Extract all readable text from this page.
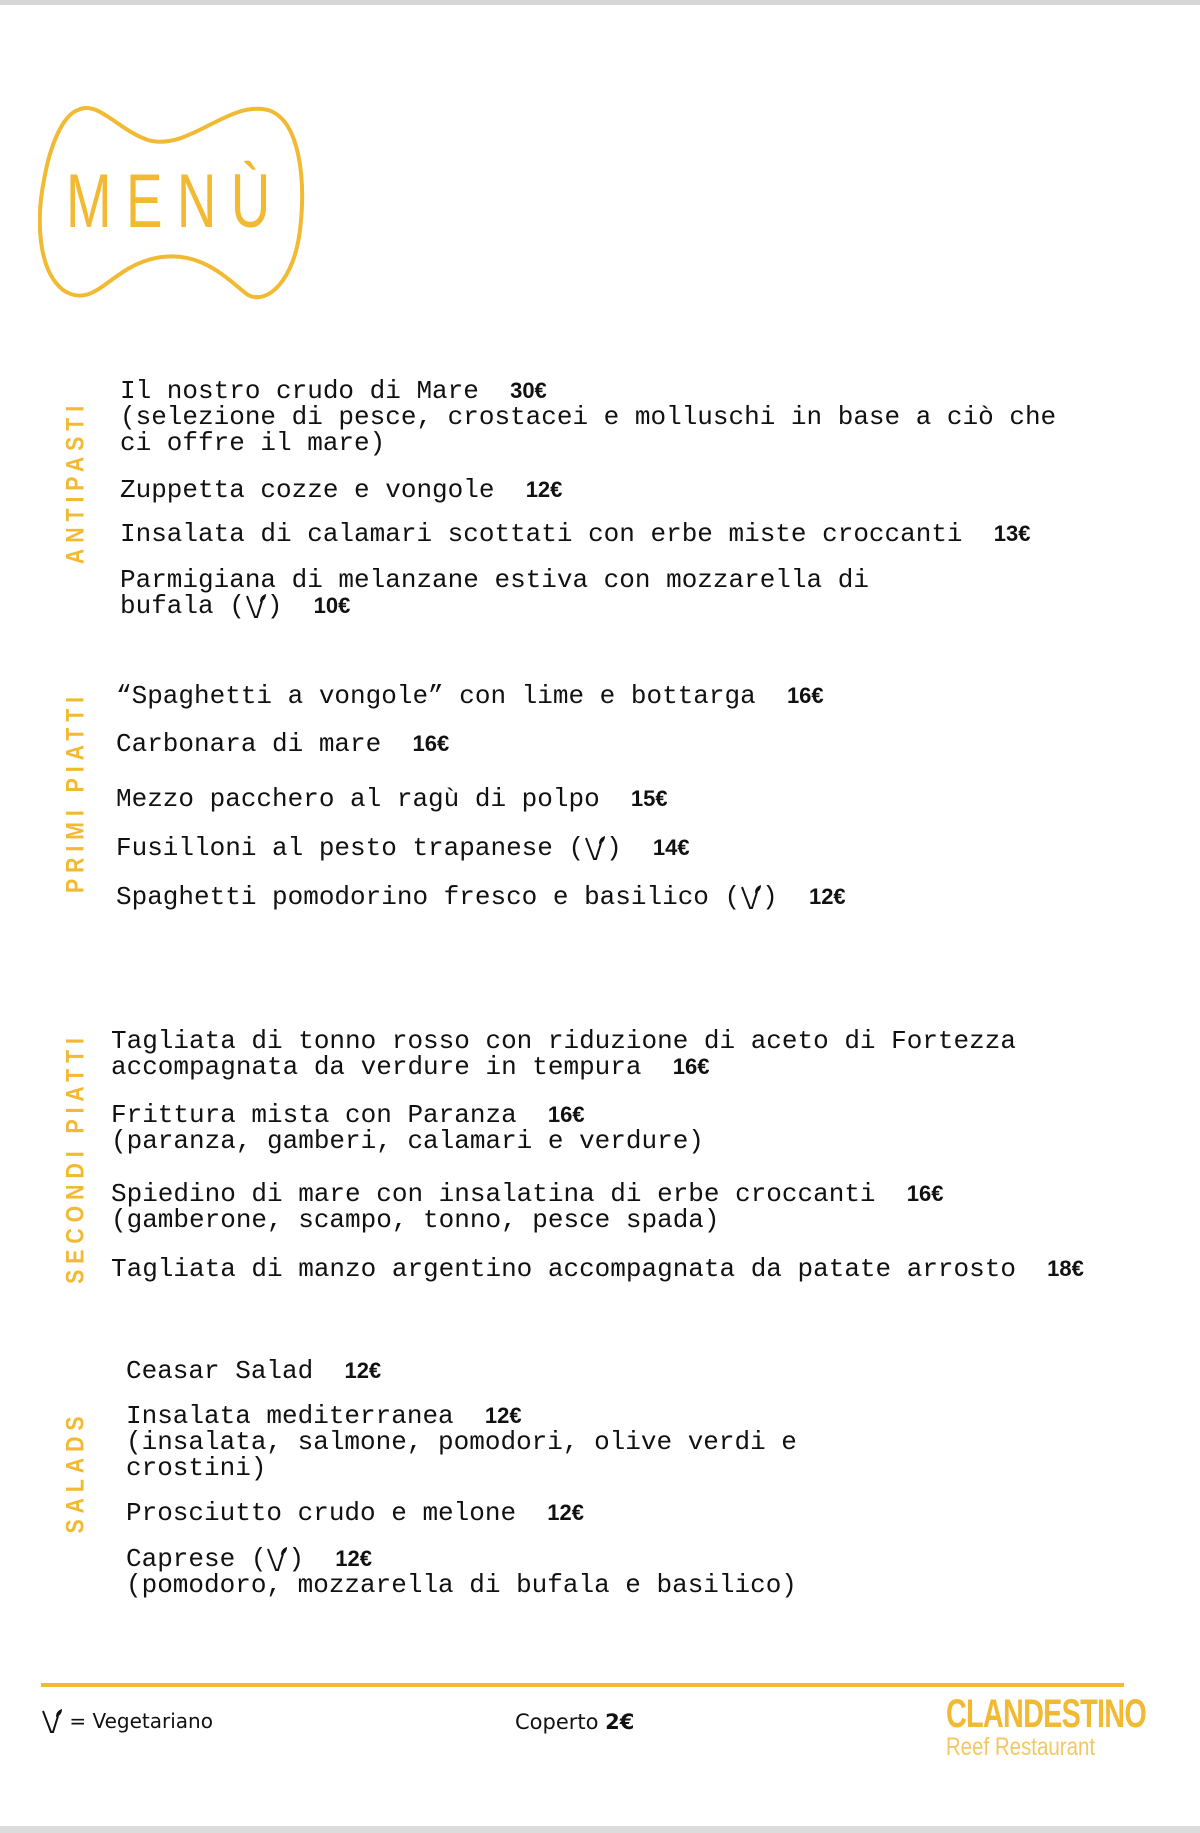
MENÙ
ANTIPASTI
Il nostro crudo di Mare 30€
(selezione di pesce, crostacei e molluschi in base a ciò che
ci offre il mare)
Zuppetta cozze e vongole 12€
Insalata di calamari scottati con erbe miste croccanti 13€
Parmigiana di melanzane estiva con mozzarella di
bufala ( ) 10€
PRIMI PIATTI “Spaghetti a vongole” con lime e bottarga 16€
Carbonara di mare 16€
Mezzo pacchero al ragù di polpo 15€
Fusilloni al pesto trapanese ( ) 14€
Spaghetti pomodorino fresco e basilico ( ) 12€
SECONDI PIATTI Tagliata di tonno rosso con riduzione di aceto di Fortezza
accompagnata da verdure in tempura 16€
Frittura mista con Paranza 16€
(paranza, gamberi, calamari e verdure)
Spiedino di mare con insalatina di erbe croccanti 16€
(gamberone, scampo, tonno, pesce spada)
Tagliata di manzo argentino accompagnata da patate arrosto 18€
SALADS
Ceasar Salad 12€
Insalata mediterranea 12€
(insalata, salmone, pomodori, olive verdi e
crostini)
Prosciutto crudo e melone 12€
Caprese ( ) 12€
(pomodoro, mozzarella di bufala e basilico)
= Vegetariano	Coperto 2€	CLANDESTINO
Reef Restaurant
